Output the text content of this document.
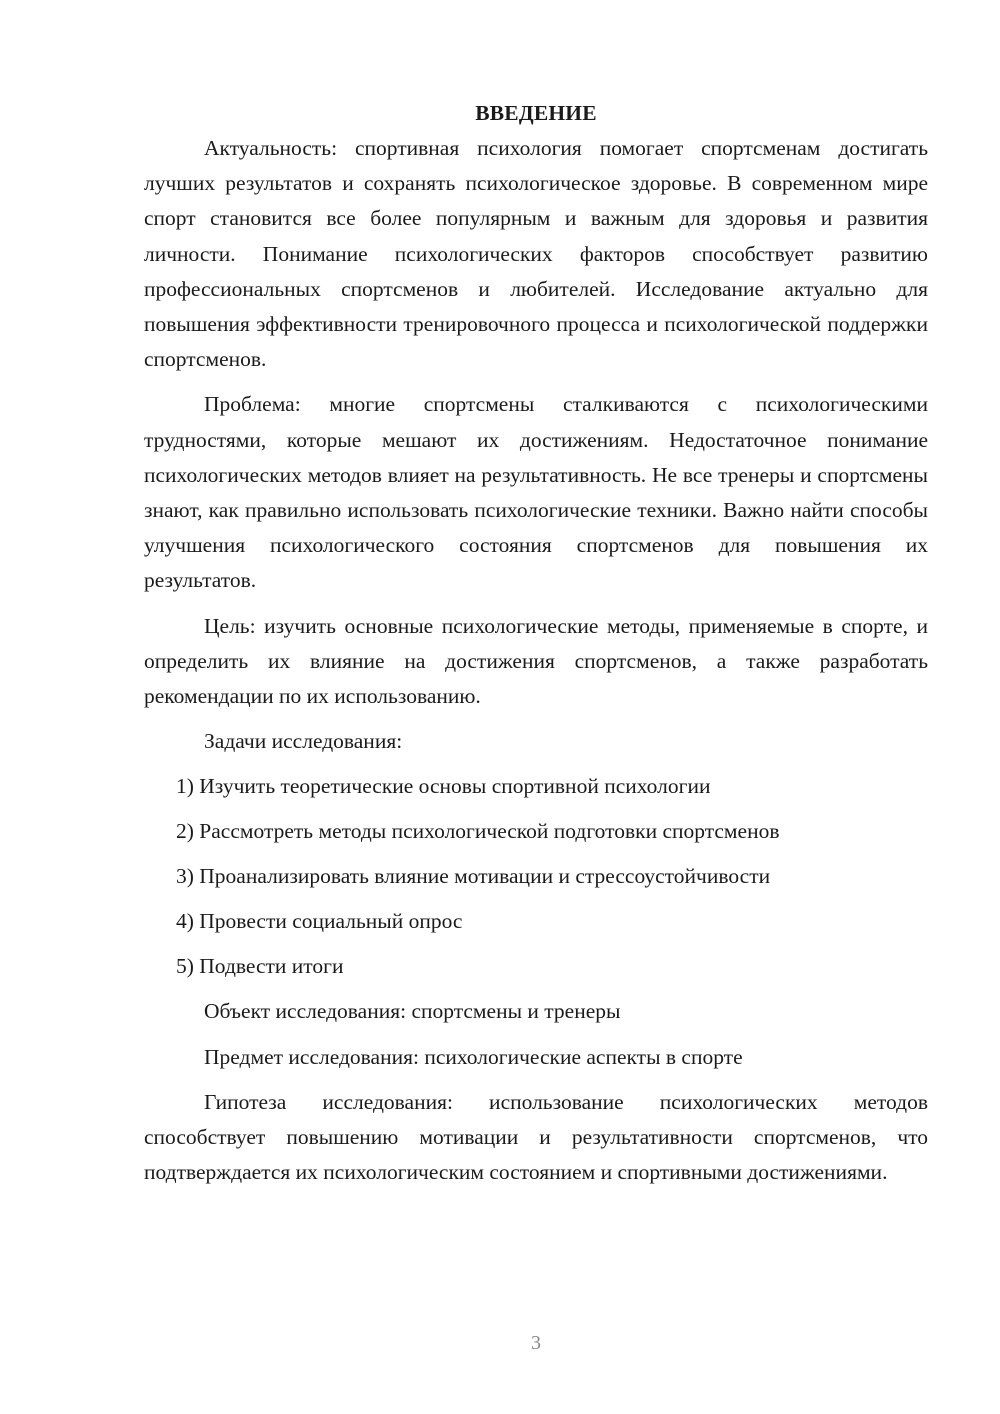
ВВЕДЕНИЕ

Актуальность: спортивная психология помогает спортсменам достигать лучших результатов и сохранять психологическое здоровье. В современном мире спорт становится все более популярным и важным для здоровья и развития личности. Понимание психологических факторов способствует развитию профессиональных спортсменов и любителей. Исследование актуально для повышения эффективности тренировочного процесса и психологической поддержки спортсменов.

Проблема: многие спортсмены сталкиваются с психологическими трудностями, которые мешают их достижениям. Недостаточное понимание психологических методов влияет на результативность. Не все тренеры и спортсмены знают, как правильно использовать психологические техники. Важно найти способы улучшения психологического состояния спортсменов для повышения их результатов.

Цель: изучить основные психологические методы, применяемые в спорте, и определить их влияние на достижения спортсменов, а также разработать рекомендации по их использованию.

Задачи исследования:

1) Изучить теоретические основы спортивной психологии

2) Рассмотреть методы психологической подготовки спортсменов

3) Проанализировать влияние мотивации и стрессоустойчивости

4) Провести социальный опрос

5) Подвести итоги

Объект исследования: спортсмены и тренеры

Предмет исследования: психологические аспекты в спорте

Гипотеза исследования: использование психологических методов способствует повышению мотивации и результативности спортсменов, что подтверждается их психологическим состоянием и спортивными достижениями.

3
